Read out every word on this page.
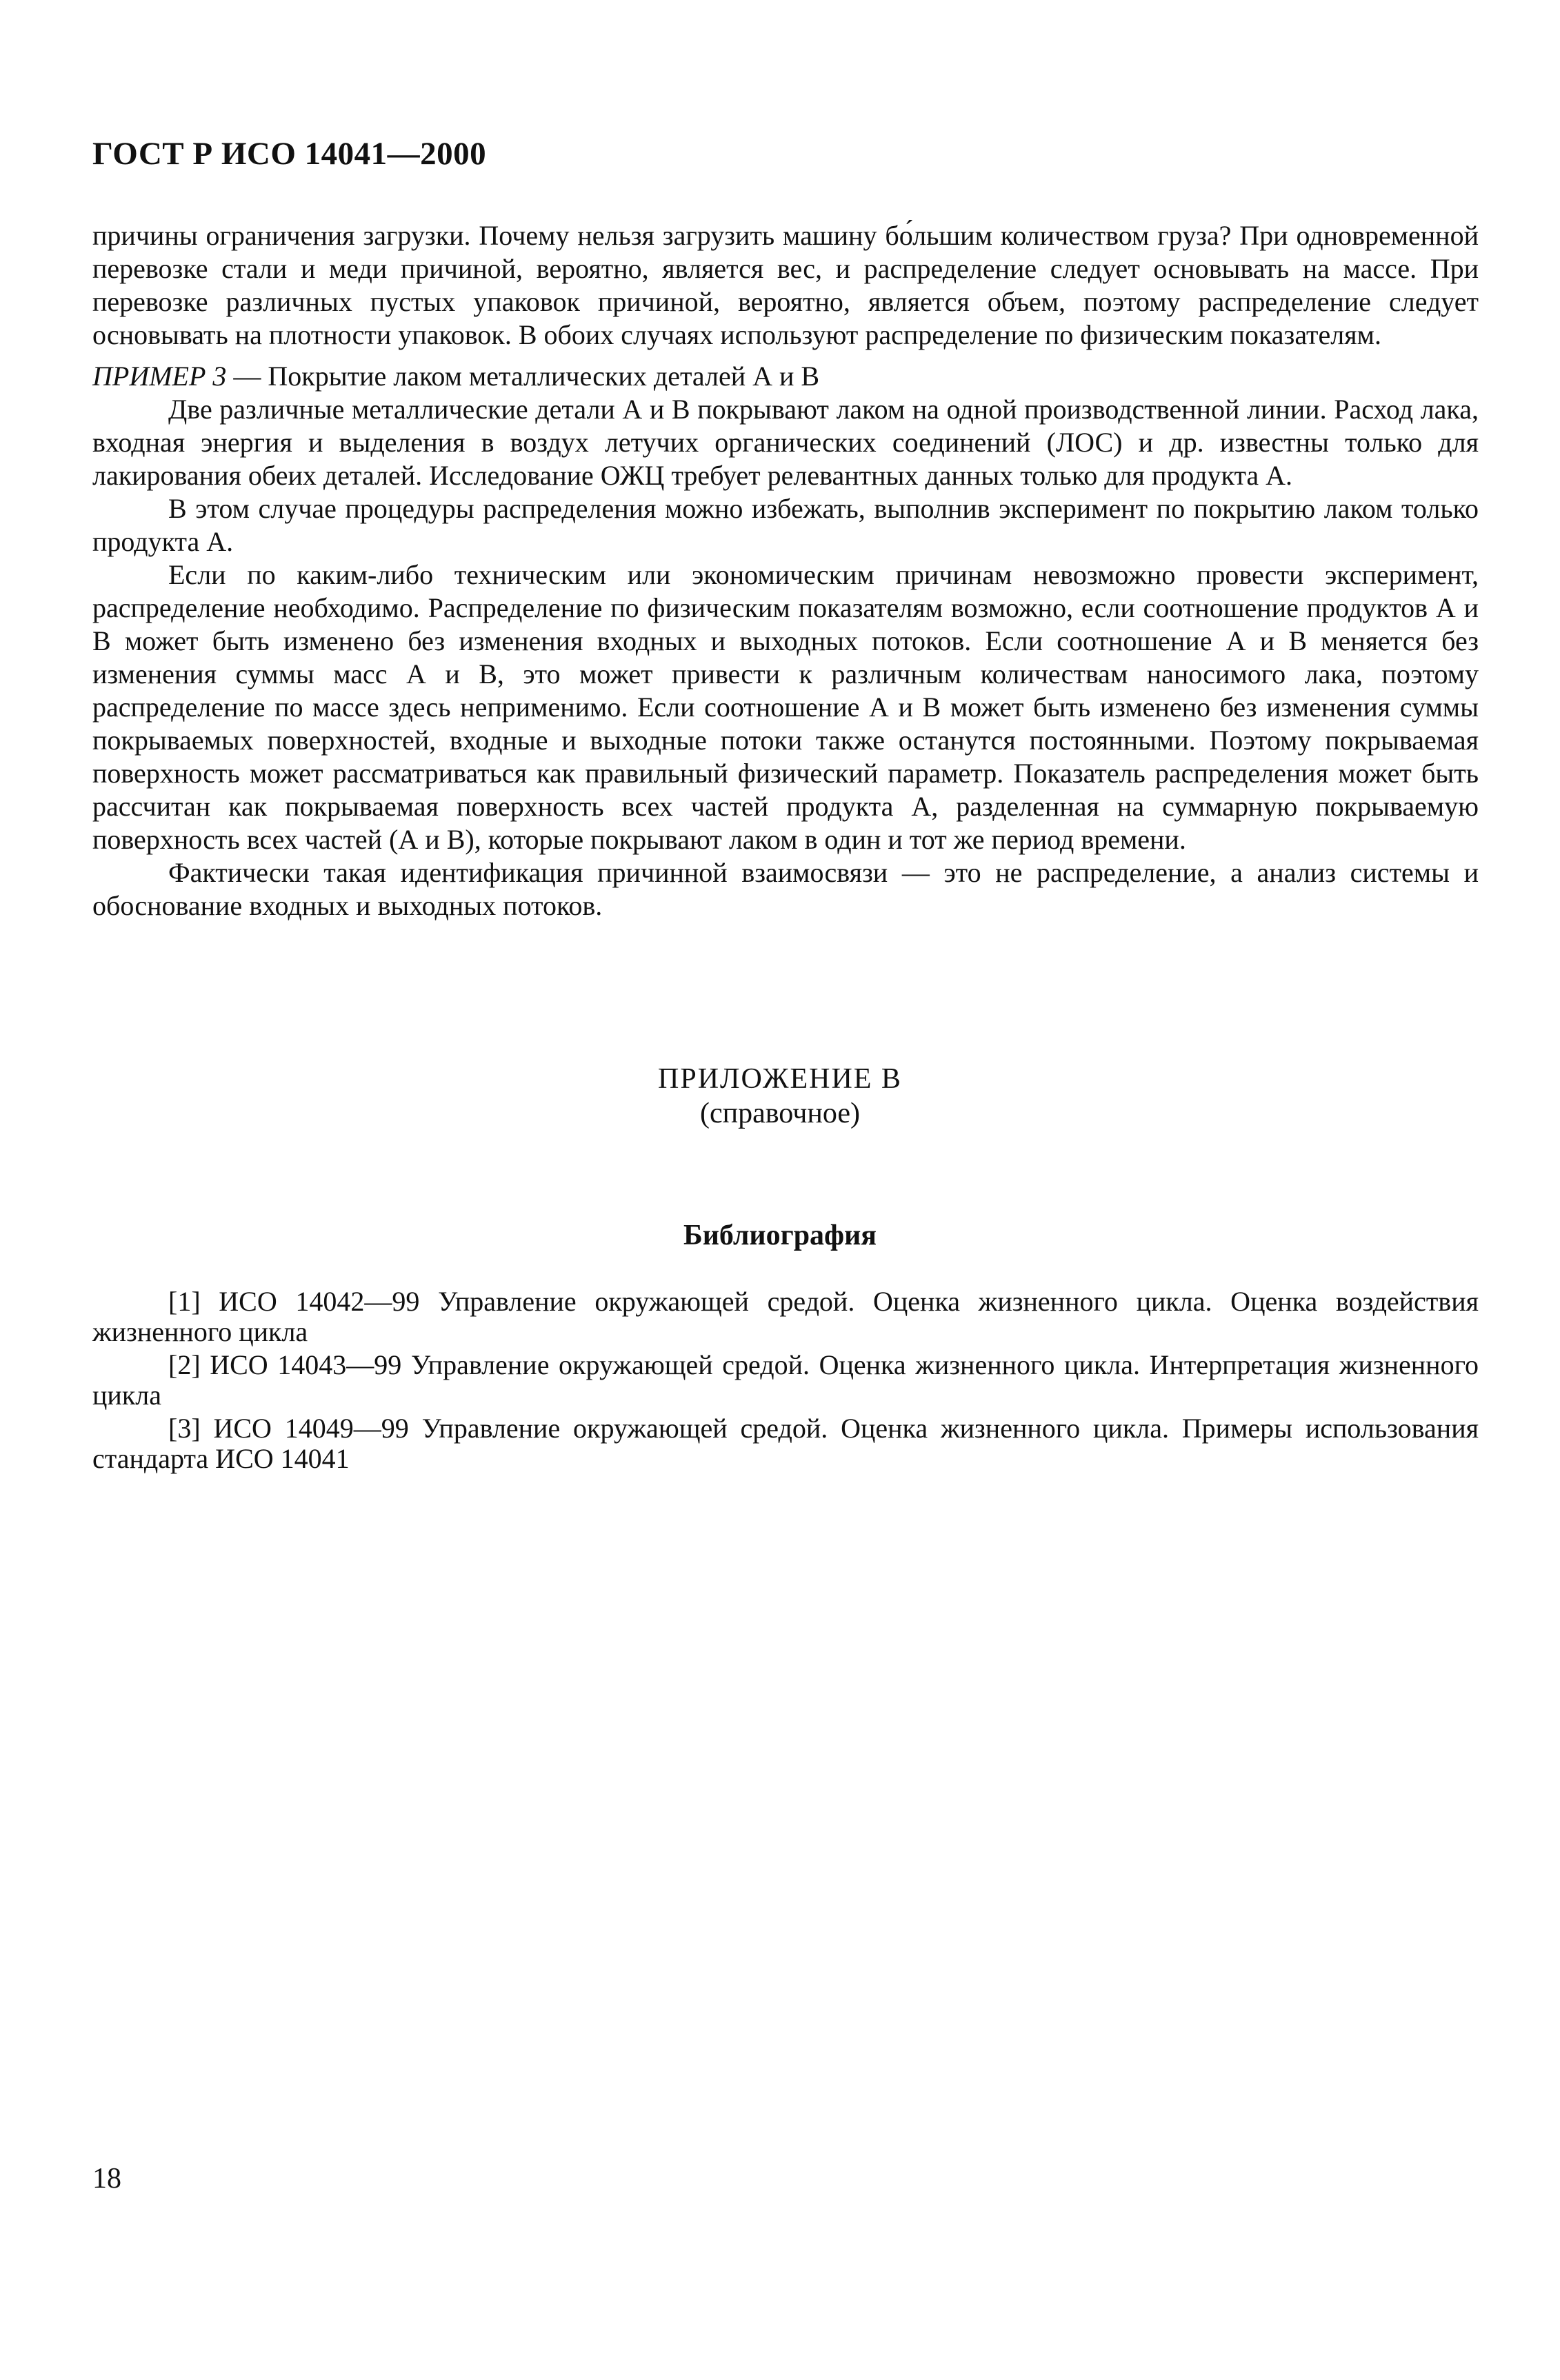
ГОСТ Р ИСО 14041—2000

причины ограничения загрузки. Почему нельзя загрузить машину бо́льшим количеством груза? При одновременной перевозке стали и меди причиной, вероятно, является вес, и распределение следует основывать на массе. При перевозке различных пустых упаковок причиной, вероятно, является объем, поэтому распределение следует основывать на плотности упаковок. В обоих случаях используют распределение по физическим показателям.

ПРИМЕР 3 — Покрытие лаком металлических деталей А и В

Две различные металлические детали А и В покрывают лаком на одной производственной линии. Расход лака, входная энергия и выделения в воздух летучих органических соединений (ЛОС) и др. известны только для лакирования обеих деталей. Исследование ОЖЦ требует релевантных данных только для продукта А.

В этом случае процедуры распределения можно избежать, выполнив эксперимент по покрытию лаком только продукта А.

Если по каким-либо техническим или экономическим причинам невозможно провести эксперимент, распределение необходимо. Распределение по физическим показателям возможно, если соотношение продуктов А и В может быть изменено без изменения входных и выходных потоков. Если соотношение А и В меняется без изменения суммы масс А и В, это может привести к различным количествам наносимого лака, поэтому распределение по массе здесь неприменимо. Если соотношение А и В может быть изменено без изменения суммы покрываемых поверхностей, входные и выходные потоки также останутся постоянными. Поэтому покрываемая поверхность может рассматриваться как правильный физический параметр. Показатель распределения может быть рассчитан как покрываемая поверхность всех частей продукта А, разделенная на суммарную покрываемую поверхность всех частей (А и В), которые покрывают лаком в один и тот же период времени.

Фактически такая идентификация причинной взаимосвязи — это не распределение, а анализ системы и обоснование входных и выходных потоков.

ПРИЛОЖЕНИЕ В
(справочное)
Библиография

[1] ИСО 14042—99 Управление окружающей средой. Оценка жизненного цикла. Оценка воздействия жизненного цикла

[2] ИСО 14043—99 Управление окружающей средой. Оценка жизненного цикла. Интерпретация жизненного цикла

[3] ИСО 14049—99 Управление окружающей средой. Оценка жизненного цикла. Примеры использования стандарта ИСО 14041

18
